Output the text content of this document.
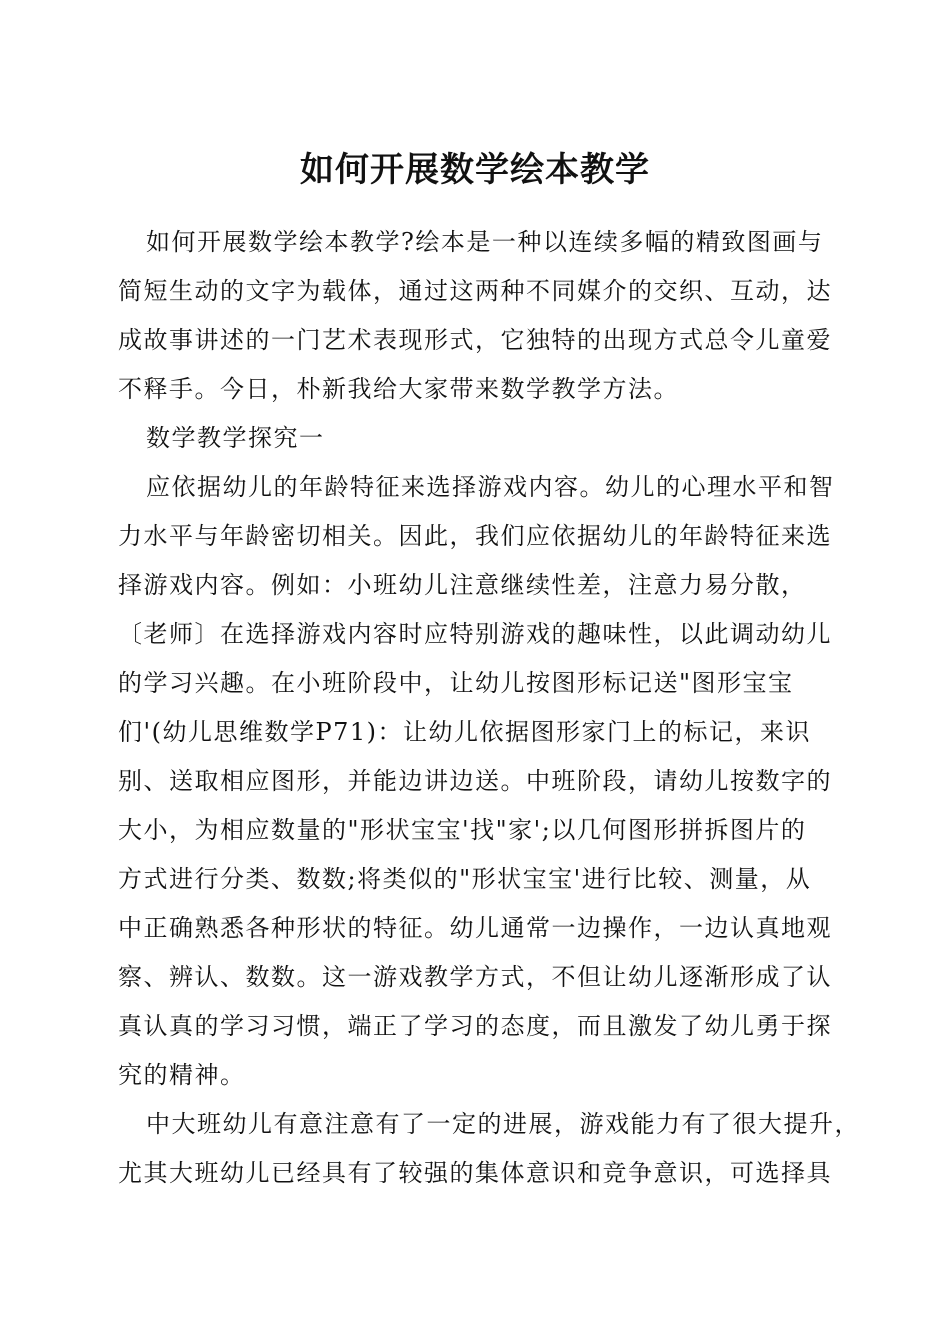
如何开展数学绘本教学
如何开展数学绘本教学?绘本是一种以连续多幅的精致图画与
简短生动的文字为载体，通过这两种不同媒介的交织、互动，达
成故事讲述的一门艺术表现形式，它独特的出现方式总令儿童爱
不释手。今日，朴新我给大家带来数学教学方法。
数学教学探究一
应依据幼儿的年龄特征来选择游戏内容。幼儿的心理水平和智
力水平与年龄密切相关。因此，我们应依据幼儿的年龄特征来选
择游戏内容。例如：小班幼儿注意继续性差，注意力易分散，
〔老师〕在选择游戏内容时应特别游戏的趣味性，以此调动幼儿
的学习兴趣。在小班阶段中，让幼儿按图形标记送"图形宝宝
们'(幼儿思维数学P71)：让幼儿依据图形家门上的标记，来识
别、送取相应图形，并能边讲边送。中班阶段，请幼儿按数字的
大小，为相应数量的"形状宝宝'找"家';以几何图形拼拆图片的
方式进行分类、数数;将类似的"形状宝宝'进行比较、测量，从
中正确熟悉各种形状的特征。幼儿通常一边操作，一边认真地观
察、辨认、数数。这一游戏教学方式，不但让幼儿逐渐形成了认
真认真的学习习惯，端正了学习的态度，而且激发了幼儿勇于探
究的精神。
中大班幼儿有意注意有了一定的进展，游戏能力有了很大提升，
尤其大班幼儿已经具有了较强的集体意识和竞争意识，可选择具
